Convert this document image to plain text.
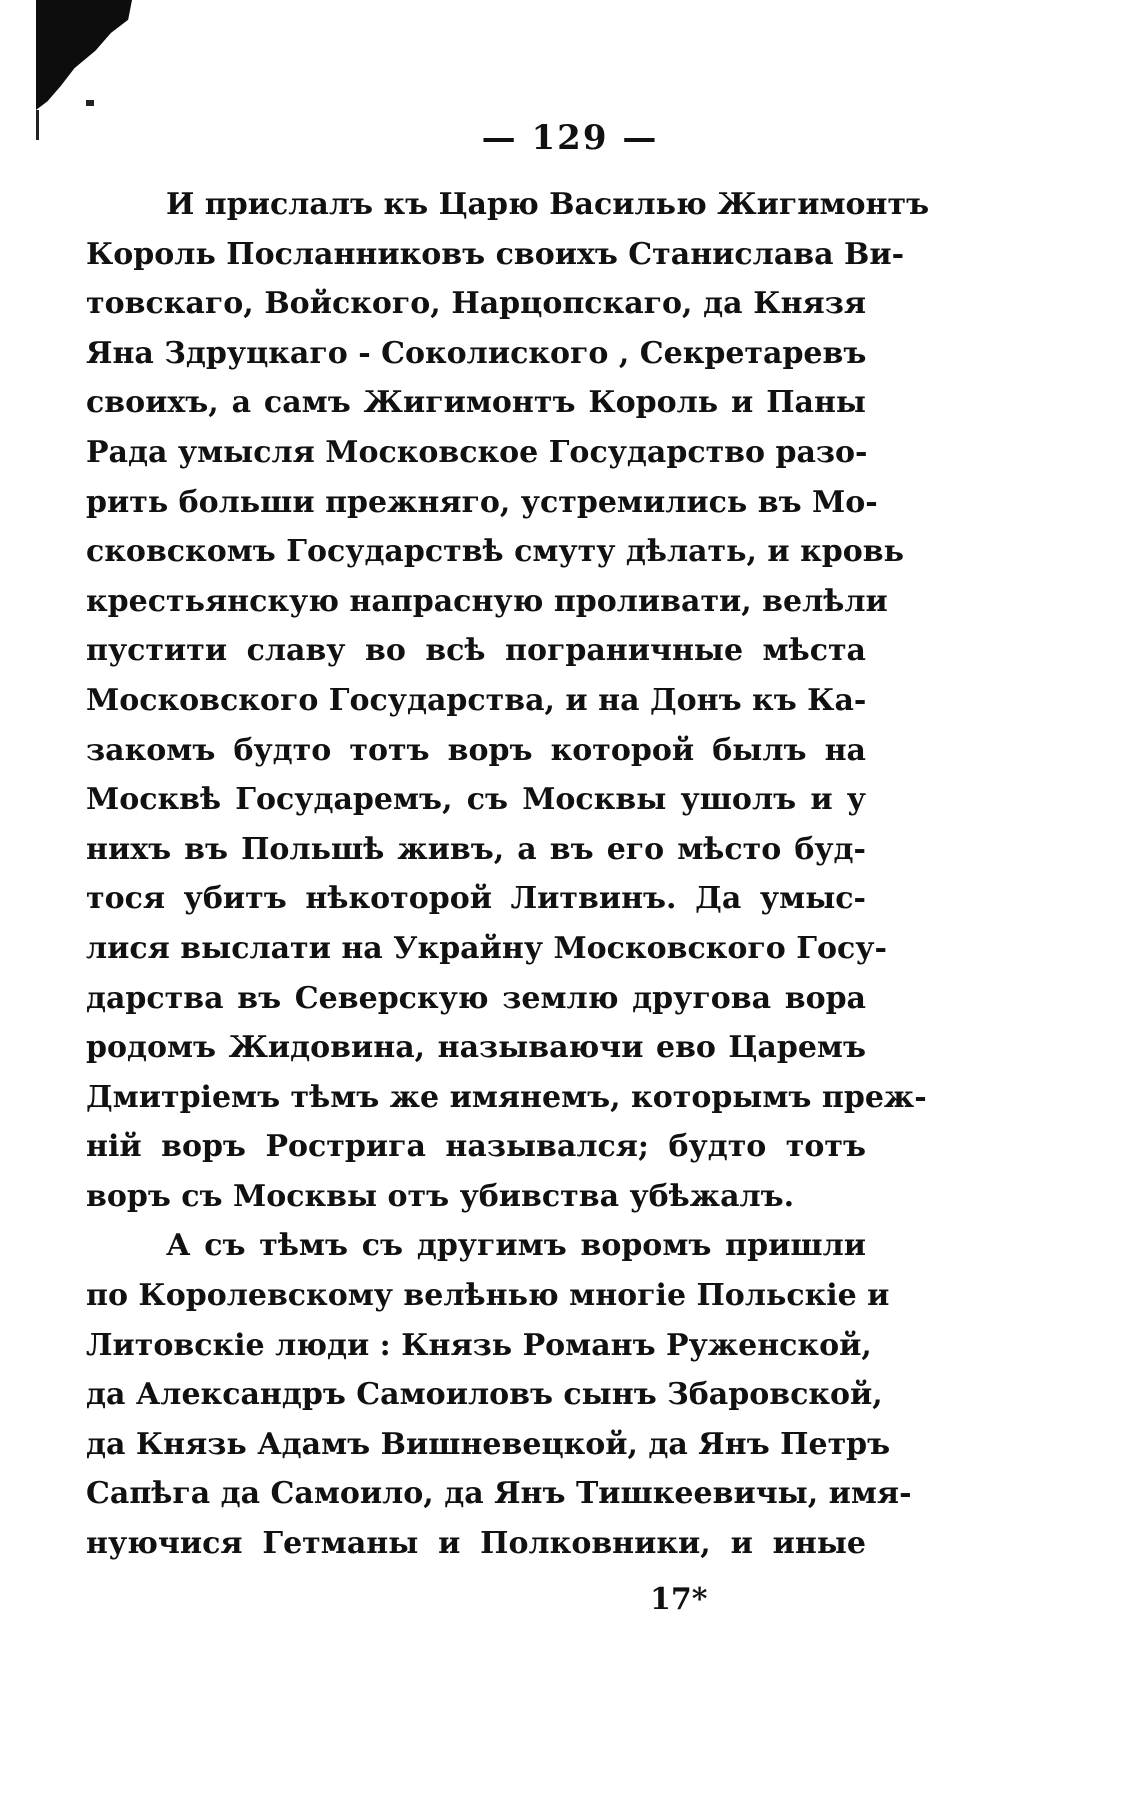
— 129 —
И прислалъ къ Царю Василью Жигимонтъ
Король Посланниковъ своихъ Станислава Ви-
товскаго, Войского, Нарцопскаго, да Князя
Яна Здруцкаго - Соколиского , Секретаревъ
своихъ, а самъ Жигимонтъ Король и Паны
Рада умысля Московское Государство разо-
рить больши прежняго, устремились въ Мо-
сковскомъ Государствѣ смуту дѣлать, и кровь
крестьянскую напрасную проливати, велѣли
пустити славу во всѣ пограничные мѣста
Московского Государства, и на Донъ къ Ка-
закомъ будто тотъ воръ которой былъ на
Москвѣ Государемъ, съ Москвы ушолъ и у
нихъ въ Польшѣ живъ, а въ его мѣсто буд-
тося убитъ нѣкоторой Литвинъ. Да умыс-
лися выслати на Украйну Московского Госу-
дарства въ Северскую землю другова вора
родомъ Жидовина, называючи ево Царемъ
Дмитріемъ тѣмъ же имянемъ, которымъ преж-
ній воръ Ростригa назывался; будто тотъ
воръ съ Москвы отъ убивства убѣжалъ.
А съ тѣмъ съ другимъ воромъ пришли
по Королевскому велѣнью многіе Польскіе и
Литовскіе люди : Князь Романъ Руженской,
да Александръ Самоиловъ сынъ Збаровской,
да Князь Адамъ Вишневецкой, да Янъ Петръ
Сапѣга да Самоило, да Янъ Тишкеевичы, имя-
нуючися Гетманы и Полковники, и иные
17*
